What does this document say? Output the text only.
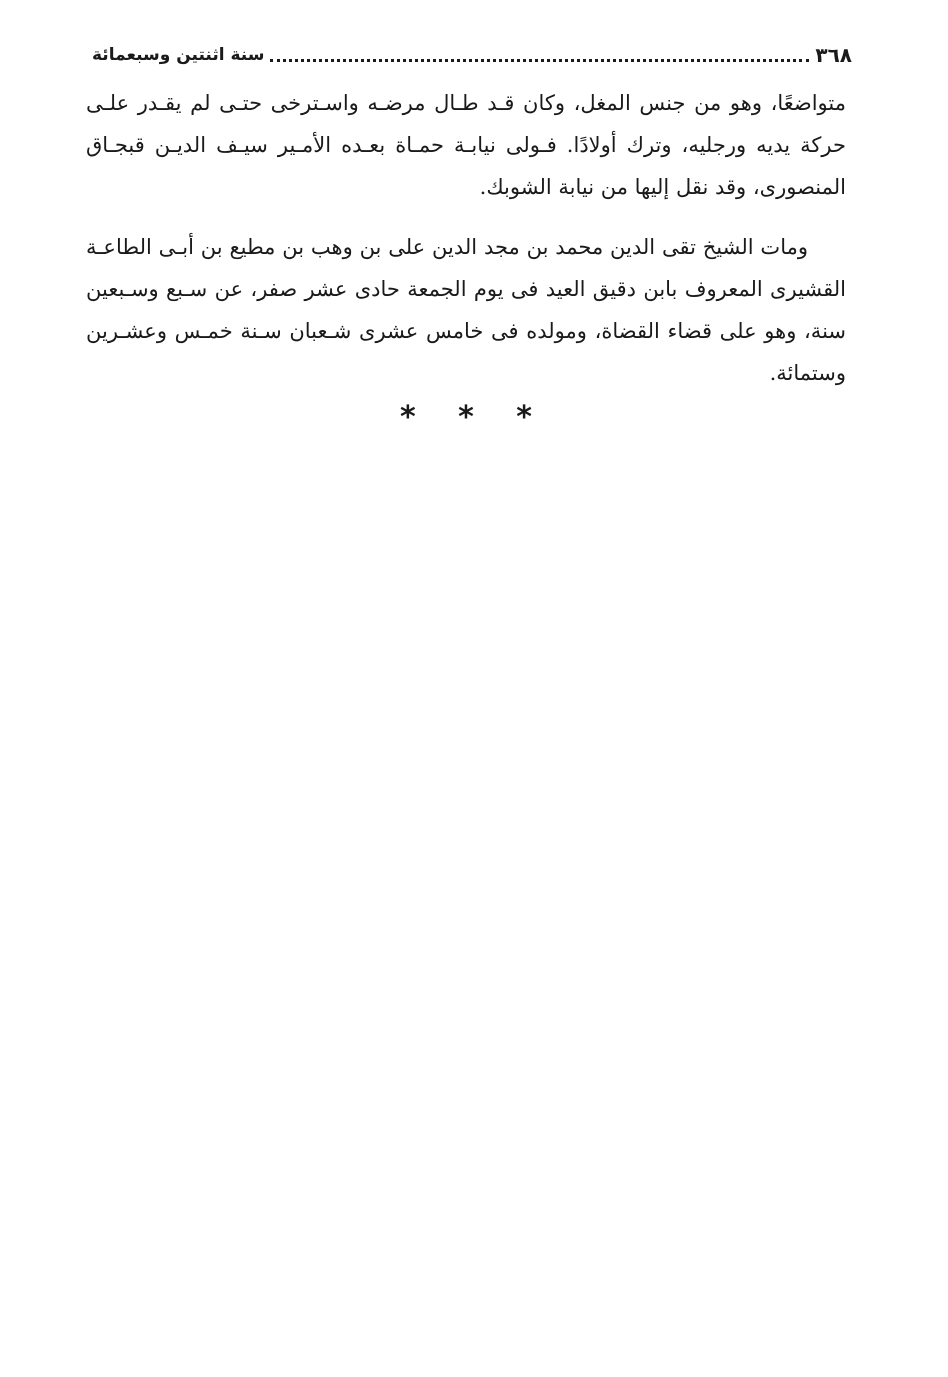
٣٦٨
سنة اثنتين وسبعمائة

متواضعًا، وهو من جنس المغل، وكان قـد طـال مرضـه واسـترخى حتـى لم يقـدر علـى حركة يديه ورجليه، وترك أولادًا. فـولى نيابـة حمـاة بعـده الأمـير سيـف الديـن قبجـاق المنصورى، وقد نقل إليها من نيابة الشوبك.

ومات الشيخ تقى الدين محمد بن مجد الدين على بن وهب بن مطيع بن أبـى الطاعـة القشيرى المعروف بابن دقيق العيد فى يوم الجمعة حادى عشر صفر، عن سـبع وسـبعين سنة، وهو على قضاء القضاة، ومولده فى خامس عشرى شـعبان سـنة خمـس وعشـرين وستمائة.

* * *
